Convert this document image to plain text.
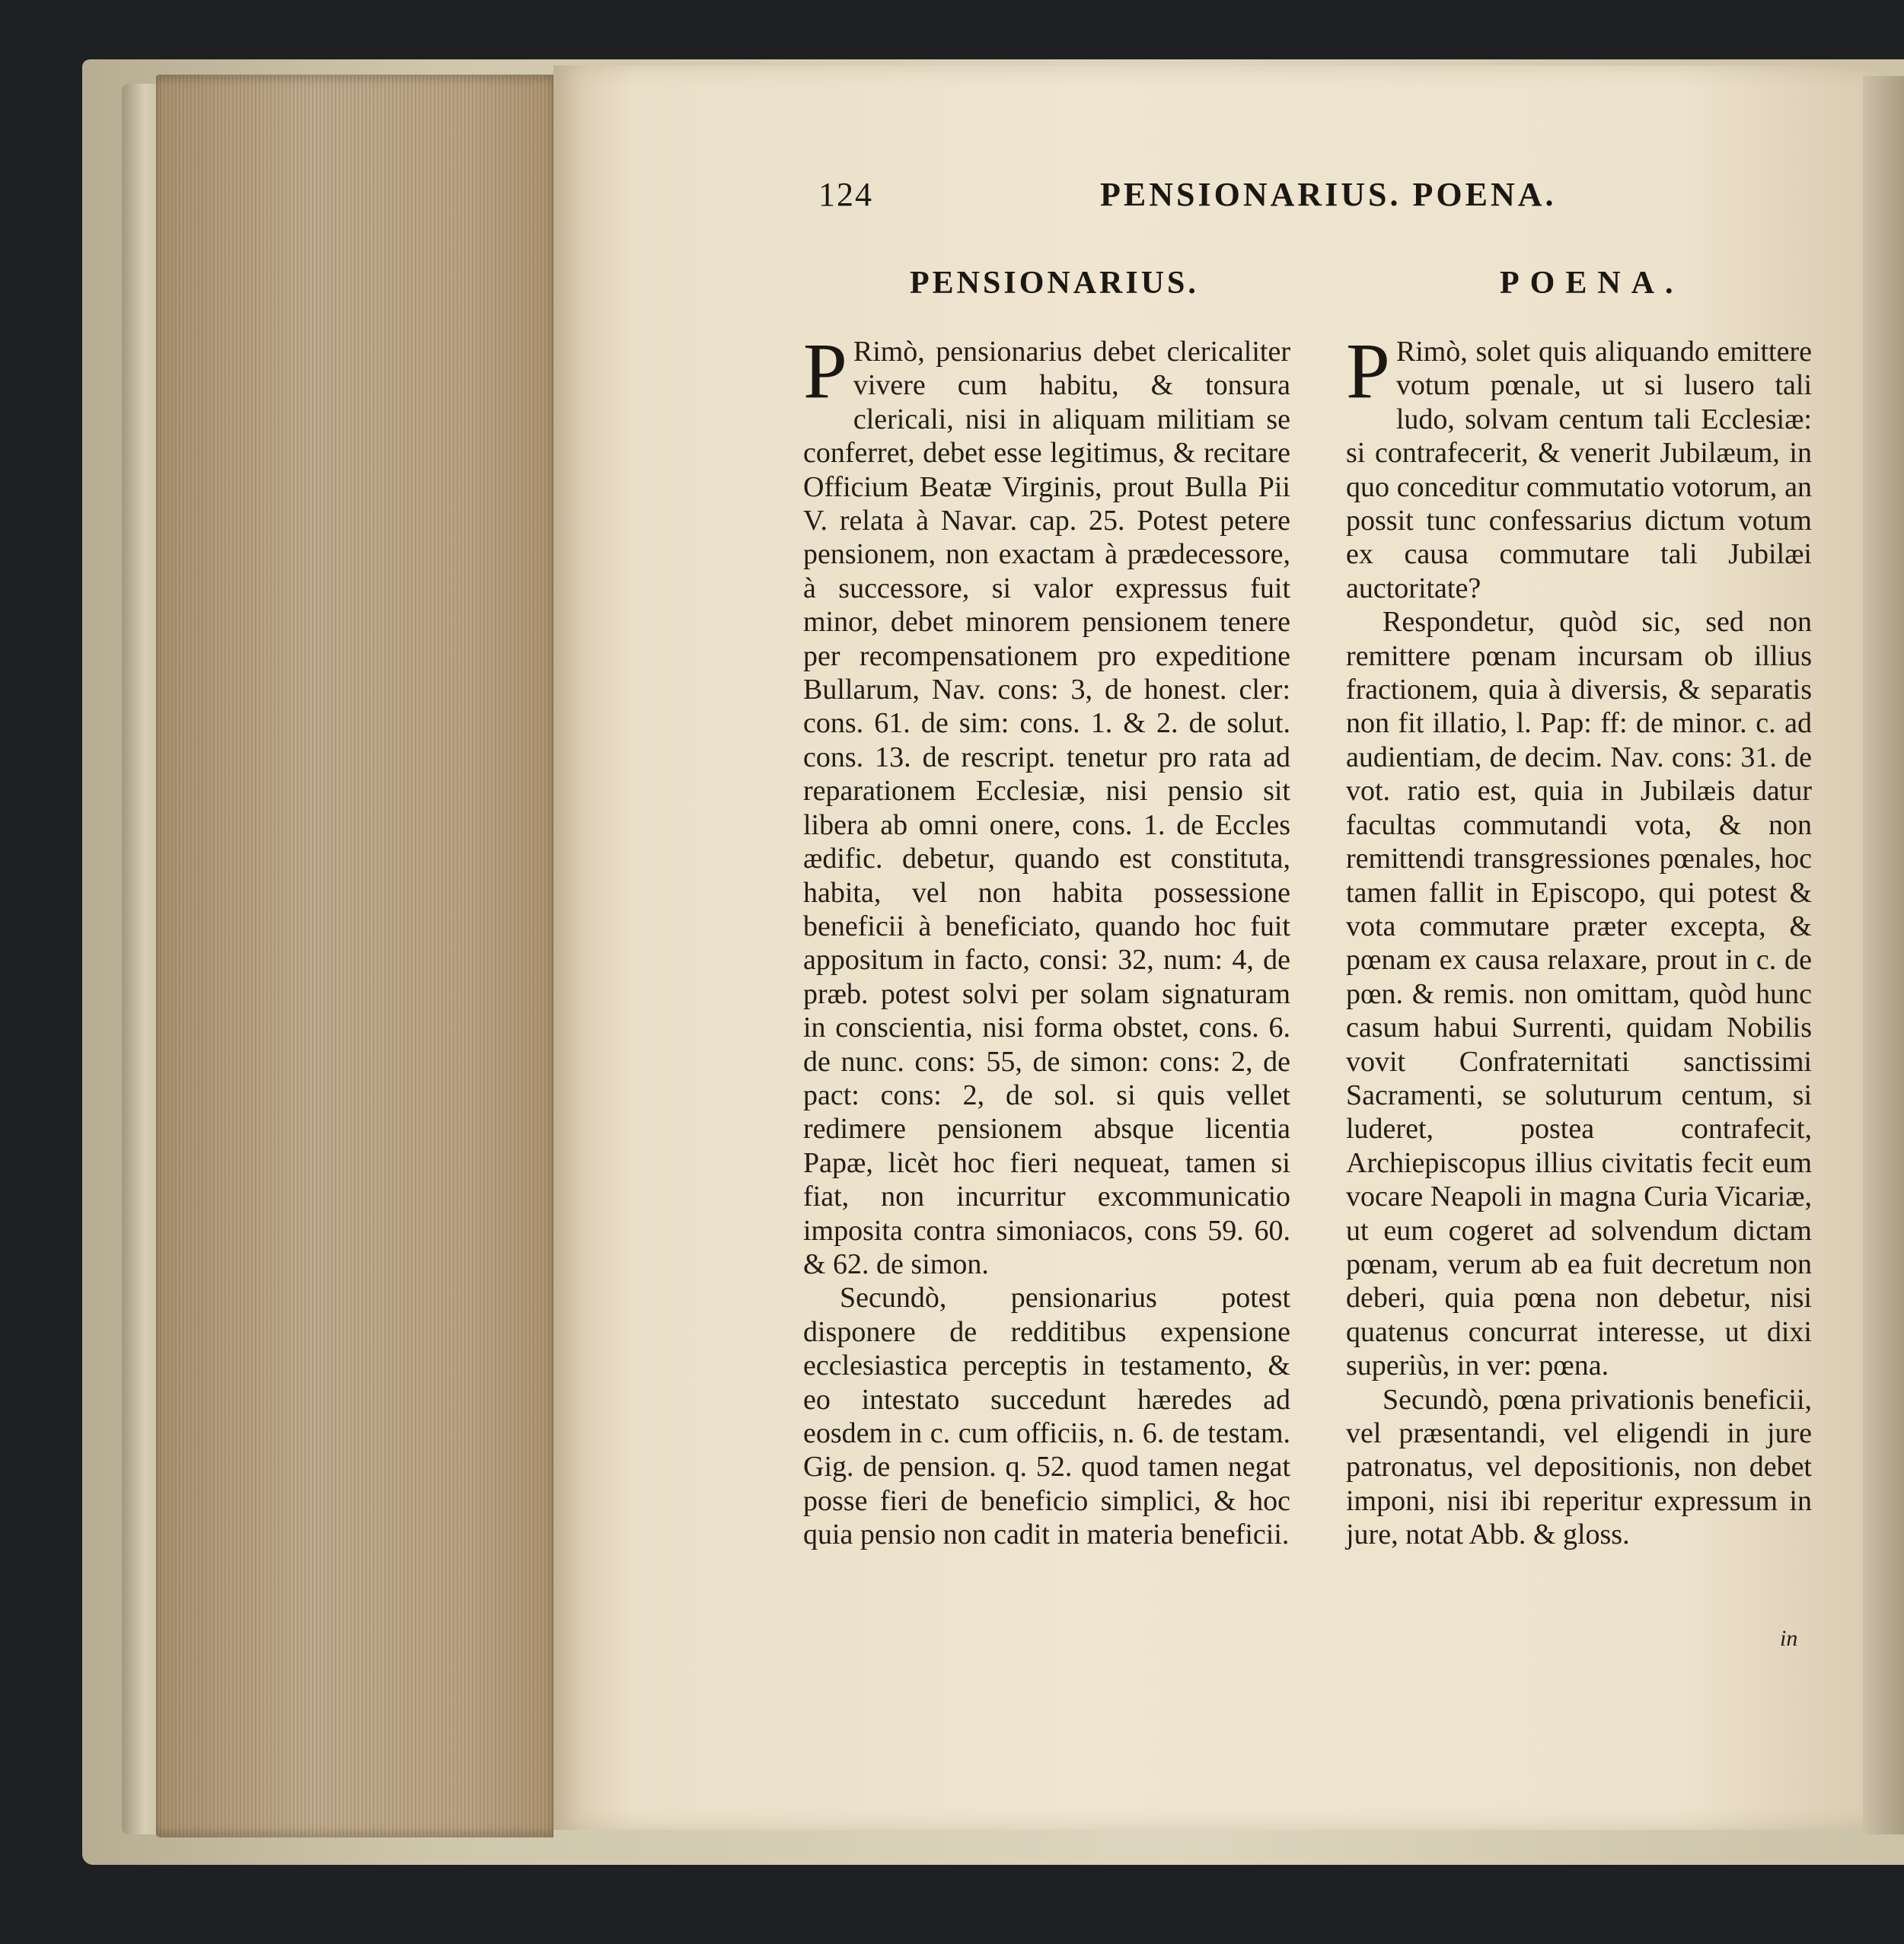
124	PENSIONARIUS. POENA.
PENSIONARIUS.	POENA.

P Rimò, pensionarius debet clericaliter vivere cum habitu, & tonsura clericali, nisi in aliquam militiam se conferret, debet esse legitimus, & recitare Officium Beatæ Virginis, prout Bulla Pii V. relata à Navar. cap. 25. Potest petere pensionem, non exactam à prædecessore, à successore, si valor expressus fuit minor, debet minorem pensionem tenere per recompensationem pro expeditione Bullarum, Nav. cons: 3, de honest. cler: cons. 61. de sim: cons. 1. & 2. de solut. cons. 13. de rescript. tenetur pro rata ad reparationem Ecclesiæ, nisi pensio sit libera ab omni onere, cons. 1. de Eccles ædific. debetur, quando est constituta, habita, vel non habita possessione beneficii à beneficiato, quando hoc fuit appositum in facto, consi: 32, num: 4, de præb. potest solvi per solam signaturam in conscientia, nisi forma obstet, cons. 6. de nunc. cons: 55, de simon: cons: 2, de pact: cons: 2, de sol. si quis vellet redimere pensionem absque licentia Papæ, licèt hoc fieri nequeat, tamen si fiat, non incurritur excommunicatio imposita contra simoniacos, cons 59. 60. & 62. de simon.

Secundò, pensionarius potest disponere de redditibus expensione ecclesiastica perceptis in testamento, & eo intestato succedunt hæredes ad eosdem in c. cum officiis, n. 6. de testam. Gig. de pension. q. 52. quod tamen negat posse fieri de beneficio simplici, & hoc quia pensio non cadit in materia beneficii.

P Rimò, solet quis aliquando emittere votum pœnale, ut si lusero tali ludo, solvam centum tali Ecclesiæ: si contrafecerit, & venerit Jubilæum, in quo conceditur commutatio votorum, an possit tunc confessarius dictum votum ex causa commutare tali Jubilæi auctoritate?

Respondetur, quòd sic, sed non remittere pœnam incursam ob illius fractionem, quia à diversis, & separatis non fit illatio, l. Pap: ff: de minor. c. ad audientiam, de decim. Nav. cons: 31. de vot. ratio est, quia in Jubilæis datur facultas commutandi vota, & non remittendi transgressiones pœnales, hoc tamen fallit in Episcopo, qui potest & vota commutare præter excepta, & pœnam ex causa relaxare, prout in c. de pœn. & remis. non omittam, quòd hunc casum habui Surrenti, quidam Nobilis vovit Confraternitati sanctissimi Sacramenti, se soluturum centum, si luderet, postea contrafecit, Archiepiscopus illius civitatis fecit eum vocare Neapoli in magna Curia Vicariæ, ut eum cogeret ad solvendum dictam pœnam, verum ab ea fuit decretum non deberi, quia pœna non debetur, nisi quatenus concurrat interesse, ut dixi superiùs, in ver: pœna.

Secundò, pœna privationis beneficii, vel præsentandi, vel eligendi in jure patronatus, vel depositionis, non debet imponi, nisi ibi reperitur expressum in jure, notat Abb. & gloss.

in
